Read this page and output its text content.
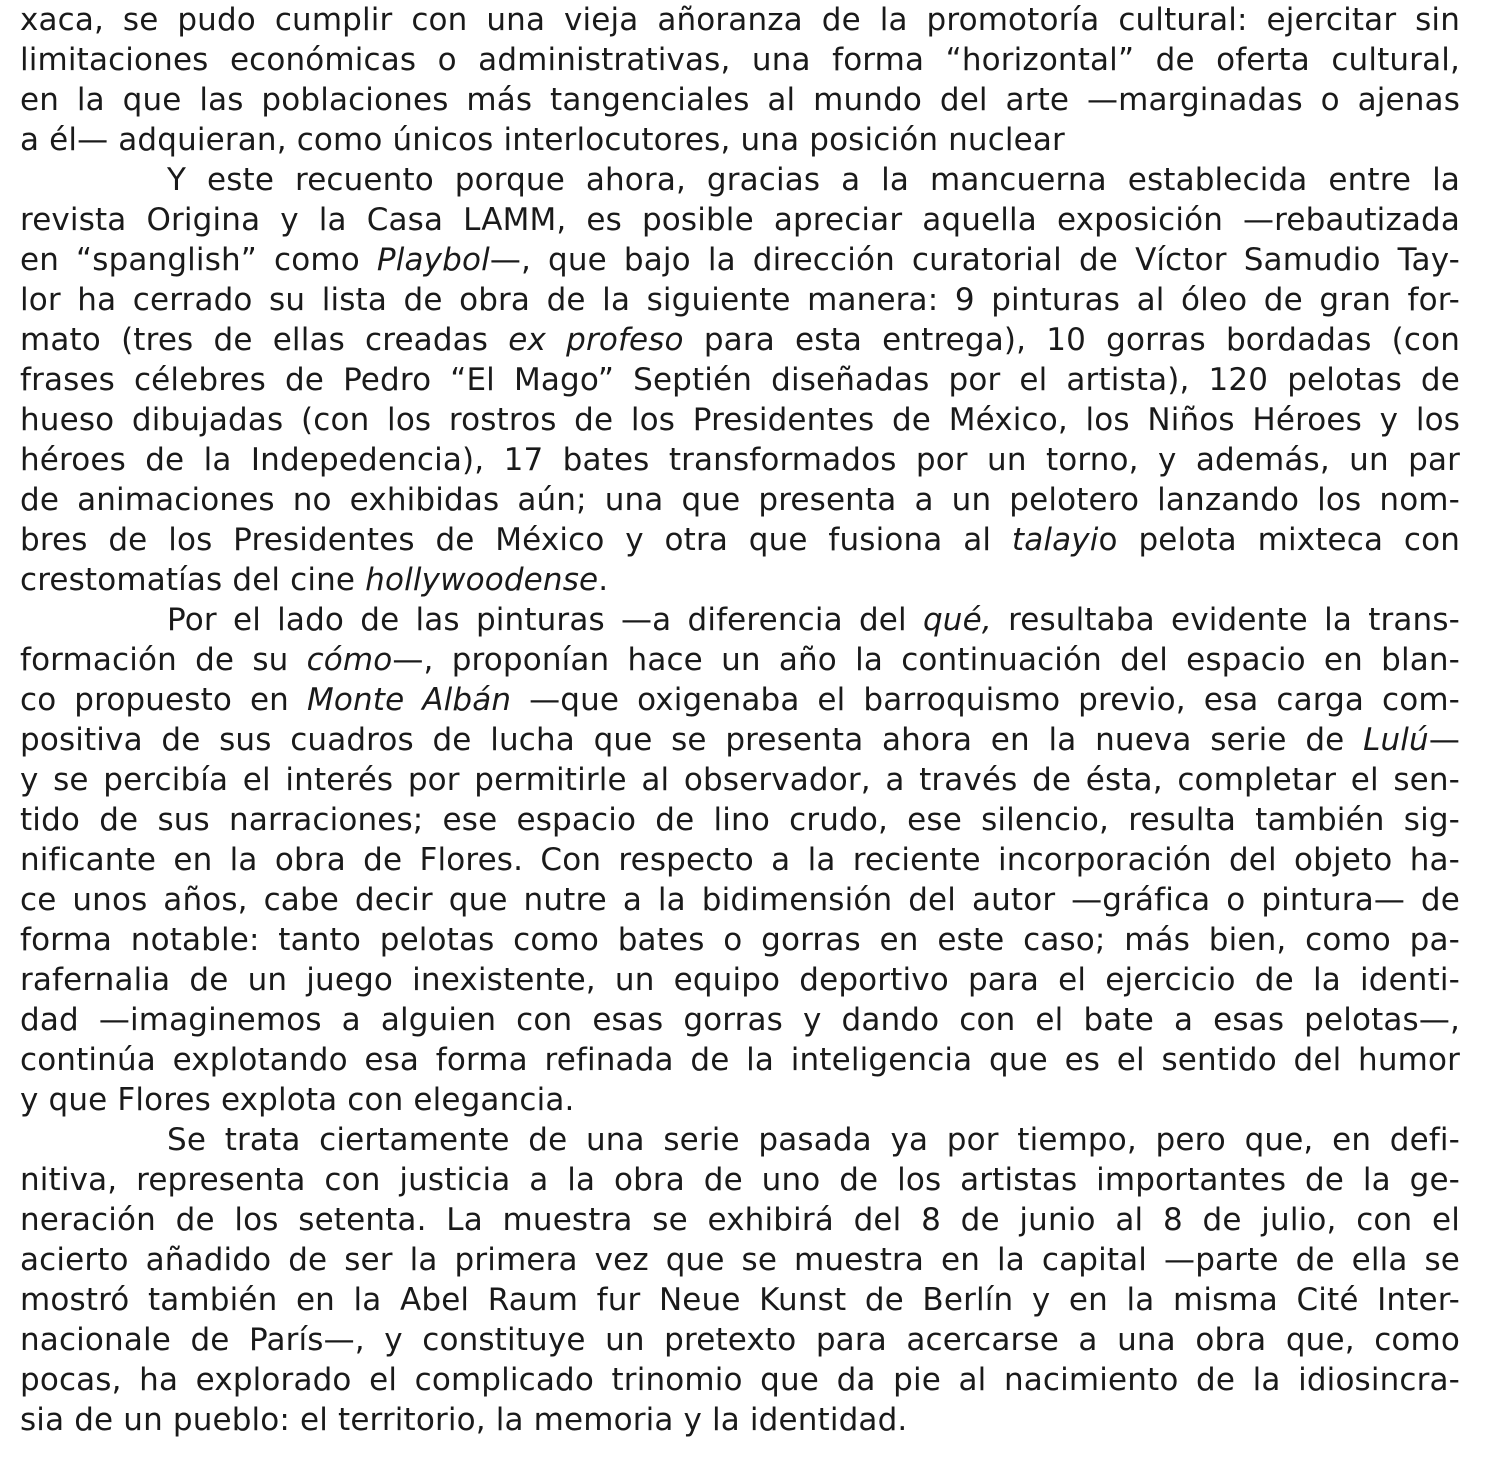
xaca, se pudo cumplir con una vieja añoranza de la promotoría cultural: ejercitar sin
limitaciones económicas o administrativas, una forma “horizontal” de oferta cultural,
en la que las poblaciones más tangenciales al mundo del arte —marginadas o ajenas
a él— adquieran, como únicos interlocutores, una posición nuclear
Y este recuento porque ahora, gracias a la mancuerna establecida entre la
revista Origina y la Casa LAMM, es posible apreciar aquella exposición —rebautizada
en “spanglish” como Playbol—, que bajo la dirección curatorial de Víctor Samudio Tay-
lor ha cerrado su lista de obra de la siguiente manera: 9 pinturas al óleo de gran for-
mato (tres de ellas creadas ex profeso para esta entrega), 10 gorras bordadas (con
frases célebres de Pedro “El Mago” Septién diseñadas por el artista), 120 pelotas de
hueso dibujadas (con los rostros de los Presidentes de México, los Niños Héroes y los
héroes de la Indepedencia), 17 bates transformados por un torno, y además, un par
de animaciones no exhibidas aún; una que presenta a un pelotero lanzando los nom-
bres de los Presidentes de México y otra que fusiona al talayio pelota mixteca con
crestomatías del cine hollywoodense.
Por el lado de las pinturas —a diferencia del qué, resultaba evidente la trans-
formación de su cómo—, proponían hace un año la continuación del espacio en blan-
co propuesto en Monte Albán —que oxigenaba el barroquismo previo, esa carga com-
positiva de sus cuadros de lucha que se presenta ahora en la nueva serie de Lulú—
y se percibía el interés por permitirle al observador, a través de ésta, completar el sen-
tido de sus narraciones; ese espacio de lino crudo, ese silencio, resulta también sig-
nificante en la obra de Flores. Con respecto a la reciente incorporación del objeto ha-
ce unos años, cabe decir que nutre a la bidimensión del autor —gráfica o pintura— de
forma notable: tanto pelotas como bates o gorras en este caso; más bien, como pa-
rafernalia de un juego inexistente, un equipo deportivo para el ejercicio de la identi-
dad —imaginemos a alguien con esas gorras y dando con el bate a esas pelotas—,
continúa explotando esa forma refinada de la inteligencia que es el sentido del humor
y que Flores explota con elegancia.
Se trata ciertamente de una serie pasada ya por tiempo, pero que, en defi-
nitiva, representa con justicia a la obra de uno de los artistas importantes de la ge-
neración de los setenta. La muestra se exhibirá del 8 de junio al 8 de julio, con el
acierto añadido de ser la primera vez que se muestra en la capital —parte de ella se
mostró también en la Abel Raum fur Neue Kunst de Berlín y en la misma Cité Inter-
nacionale de París—, y constituye un pretexto para acercarse a una obra que, como
pocas, ha explorado el complicado trinomio que da pie al nacimiento de la idiosincra-
sia de un pueblo: el territorio, la memoria y la identidad.
